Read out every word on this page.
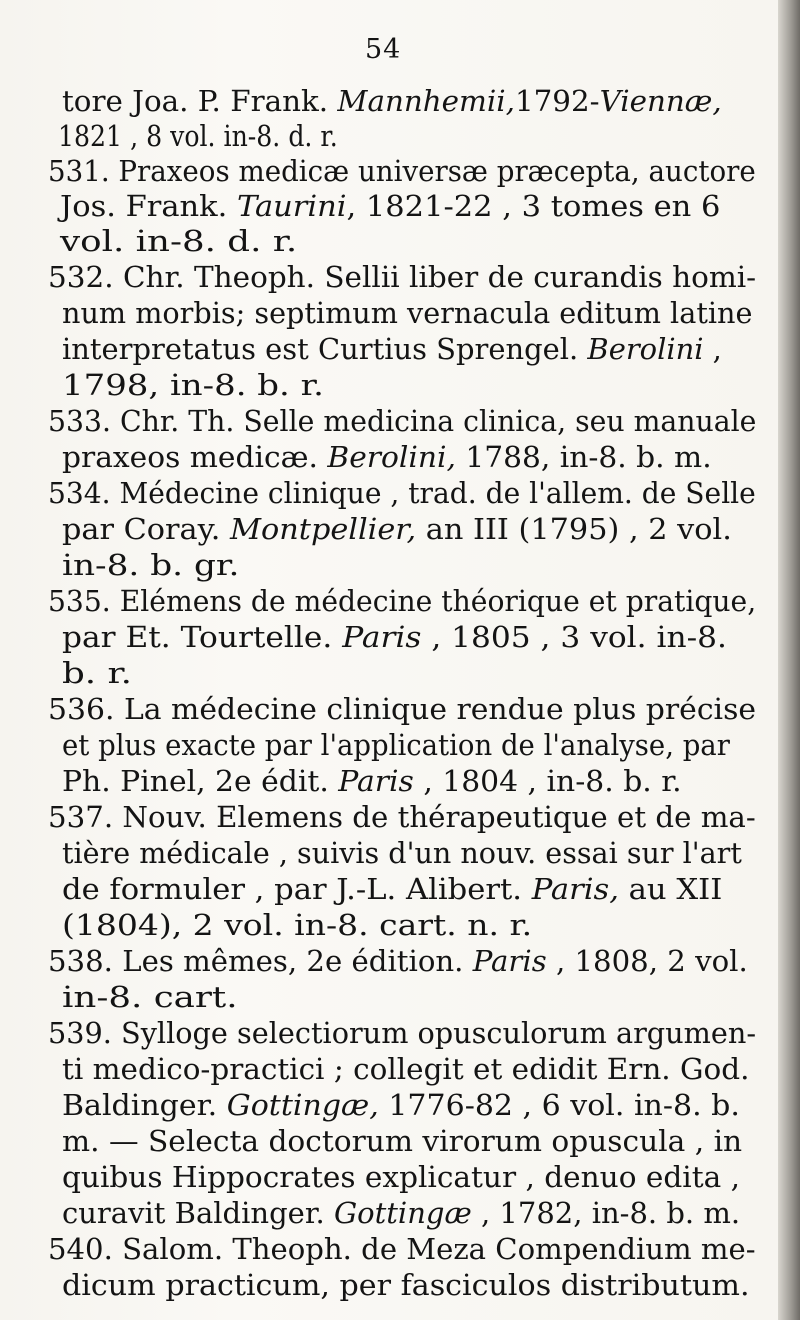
54
tore Joa. P. Frank. Mannhemii,1792-Viennæ,
1821 , 8 vol. in-8. d. r.
531. Praxeos medicæ universæ præcepta, auctore
Jos. Frank. Taurini, 1821-22 , 3 tomes en 6
vol. in-8. d. r.
532. Chr. Theoph. Sellii liber de curandis homi-
num morbis; septimum vernacula editum latine
interpretatus est Curtius Sprengel. Berolini ,
1798, in-8. b. r.
533. Chr. Th. Selle medicina clinica, seu manuale
praxeos medicæ. Berolini, 1788, in-8. b. m.
534. Médecine clinique , trad. de l'allem. de Selle
par Coray. Montpellier, an III (1795) , 2 vol.
in-8. b. gr.
535. Elémens de médecine théorique et pratique,
par Et. Tourtelle. Paris , 1805 , 3 vol. in-8.
b. r.
536. La médecine clinique rendue plus précise
et plus exacte par l'application de l'analyse, par
Ph. Pinel, 2e édit. Paris , 1804 , in-8. b. r.
537. Nouv. Elemens de thérapeutique et de ma-
tière médicale , suivis d'un nouv. essai sur l'art
de formuler , par J.-L. Alibert. Paris, au XII
(1804), 2 vol. in-8. cart. n. r.
538. Les mêmes, 2e édition. Paris , 1808, 2 vol.
in-8. cart.
539. Sylloge selectiorum opusculorum argumen-
ti medico-practici ; collegit et edidit Ern. God.
Baldinger. Gottingæ, 1776-82 , 6 vol. in-8. b.
m. — Selecta doctorum virorum opuscula , in
quibus Hippocrates explicatur , denuo edita ,
curavit Baldinger. Gottingæ , 1782, in-8. b. m.
540. Salom. Theoph. de Meza Compendium me-
dicum practicum, per fasciculos distributum.
